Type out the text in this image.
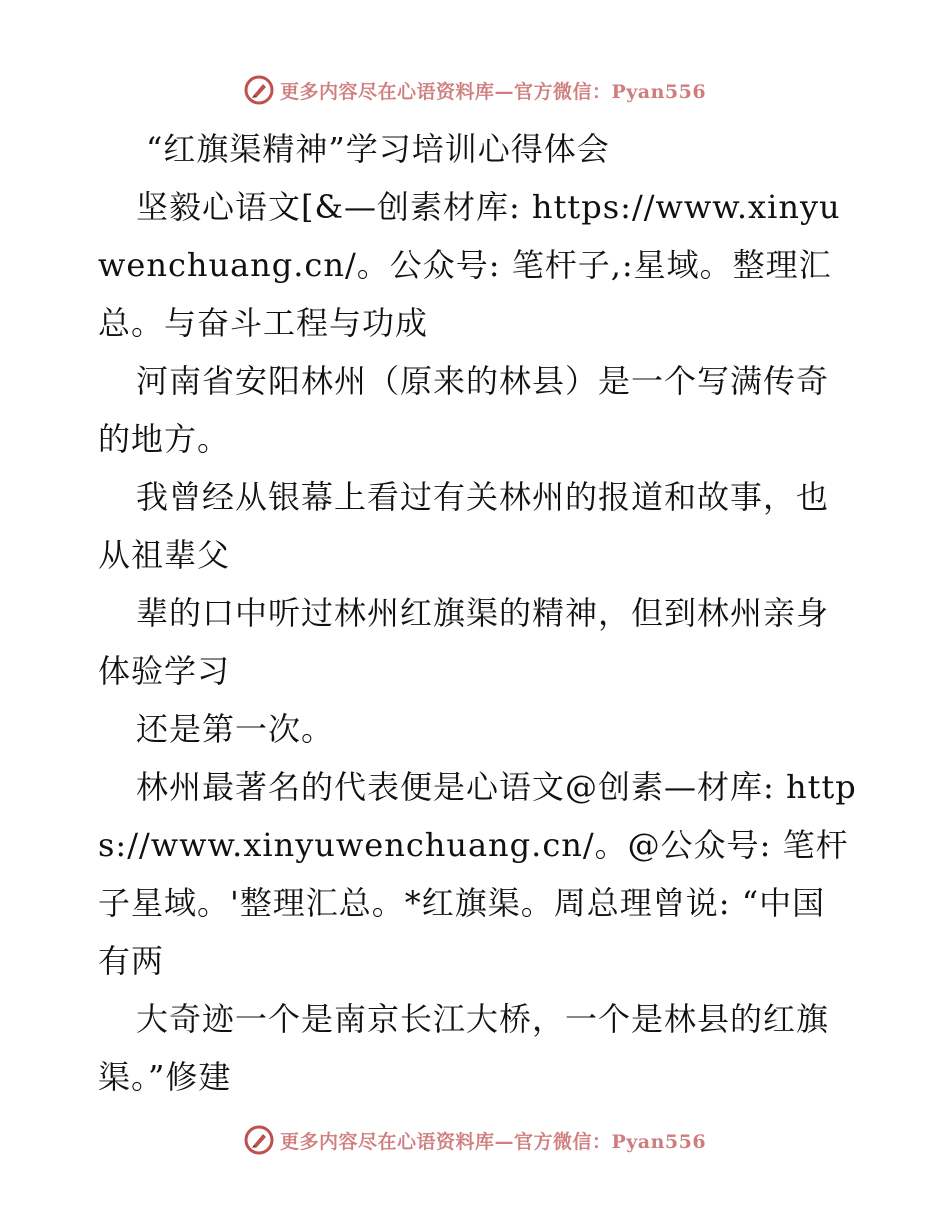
更多内容尽在心语资料库—官方微信：Pyan556

“红旗渠精神”学习培训心得体会

坚毅心语文[&—创素材库: https://www.xinyuwenchuang.cn/。公众号: 笔杆子,:星域。整理汇总。与奋斗工程与功成

河南省安阳林州（原来的林县）是一个写满传奇的地方。

我曾经从银幕上看过有关林州的报道和故事，也从祖辈父

辈的口中听过林州红旗渠的精神，但到林州亲身体验学习

还是第一次。

林州最著名的代表便是心语文@创素—材库: https://www.xinyuwenchuang.cn/。@公众号: 笔杆子星域。'整理汇总。*红旗渠。周总理曾说: “中国有两

大奇迹一个是南京长江大桥，一个是林县的红旗渠。”修建

更多内容尽在心语资料库—官方微信：Pyan556
